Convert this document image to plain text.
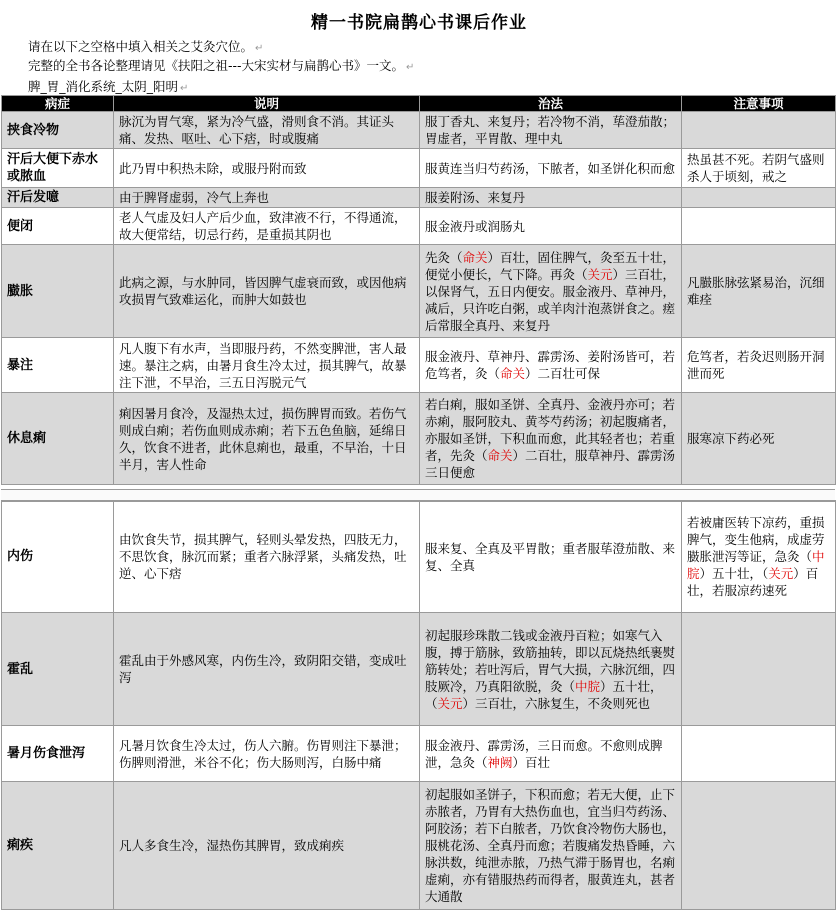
精一书院扁鹊心书课后作业
请在以下之空格中填入相关之艾灸穴位。 ↵
完整的全书各论整理请见《扶阳之祖---大宋实材与扁鹊心书》一文。 ↵
脾_胃_消化系统_太阴_阳明 ↵
病症	说明	治法	注意事项
挟食冷物	脉沉为胃气寒，紧为冷气盛，滑则食不消。其证头痛、发热、呕吐、心下痞，时或腹痛	服丁香丸、来复丹；若冷物不消，荜澄茄散；胃虚者，平胃散、理中丸	
汗后大便下赤水或脓血	此乃胃中积热未除，或服丹附而致	服黄连当归芍药汤，下脓者，如圣饼化积而愈	热虽甚不死。若阴气盛则杀人于顷刻，戒之
汗后发噫	由于脾肾虚弱，冷气上奔也	服姜附汤、来复丹	
便闭	老人气虚及妇人产后少血，致津液不行，不得通流，故大便常结，切忌行药，是重损其阴也	服金液丹或润肠丸	
臌胀	此病之源，与水肿同，皆因脾气虚衰而致，或因他病攻损胃气致难运化，而肿大如鼓也	先灸（命关）百壮，固住脾气，灸至五十壮，便觉小便长，气下降。再灸（关元）三百壮，以保肾气，五日内便安。服金液丹、草神丹，减后，只许吃白粥，或羊肉汁泡蒸饼食之。瘥后常服全真丹、来复丹	凡臌胀脉弦紧易治，沉细难痊
暴注	凡人腹下有水声，当即服丹药，不然变脾泄，害人最速。暴注之病，由暑月食生冷太过，损其脾气，故暴注下泄，不早治，三五日泻脱元气	服金液丹、草神丹、霹雳汤、姜附汤皆可，若危笃者，灸（命关）二百壮可保	危笃者，若灸迟则肠开洞泄而死
休息痢	痢因暑月食冷，及湿热太过，损伤脾胃而致。若伤气则成白痢；若伤血则成赤痢；若下五色鱼脑，延绵日久，饮食不进者，此休息痢也，最重，不早治，十日半月，害人性命	若白痢，服如圣饼、全真丹、金液丹亦可；若赤痢，服阿胶丸、黄芩芍药汤；初起腹痛者，亦服如圣饼，下积血而愈，此其轻者也；若重者，先灸（命关）二百壮，服草神丹、霹雳汤三日便愈	服寒凉下药必死
内伤	由饮食失节，损其脾气，轻则头晕发热，四肢无力，不思饮食，脉沉而紧；重者六脉浮紧，头痛发热，吐逆、心下痞	服来复、全真及平胃散；重者服荜澄茄散、来复、全真	若被庸医转下凉药，重损脾气，变生他病，成虚劳臌胀泄泻等证，急灸（中脘）五十壮，（关元）百壮，若服凉药速死
霍乱	霍乱由于外感风寒，内伤生冷，致阴阳交错，变成吐泻	初起服珍珠散二钱或金液丹百粒；如寒气入腹，搏于筋脉，致筋抽转，即以瓦烧热纸裹熨筋转处；若吐泻后，胃气大损，六脉沉细，四肢厥冷，乃真阳欲脱，灸（中脘）五十壮，（关元）三百壮，六脉复生，不灸则死也	
暑月伤食泄泻	凡暑月饮食生冷太过，伤人六腑。伤胃则注下暴泄；伤脾则滑泄，米谷不化；伤大肠则泻，白肠中痛	服金液丹、霹雳汤，三日而愈。不愈则成脾泄，急灸（神阙）百壮	
痢疾	凡人多食生冷，湿热伤其脾胃，致成痢疾	初起服如圣饼子，下积而愈；若无大便，止下赤脓者，乃胃有大热伤血也，宜当归芍药汤、阿胶汤；若下白脓者，乃饮食冷物伤大肠也，服桃花汤、全真丹而愈；若腹痛发热昏睡，六脉洪数，纯泄赤脓，乃热气滞于肠胃也，名痢虚痢，亦有错服热药而得者，服黄连丸，甚者大通散	
